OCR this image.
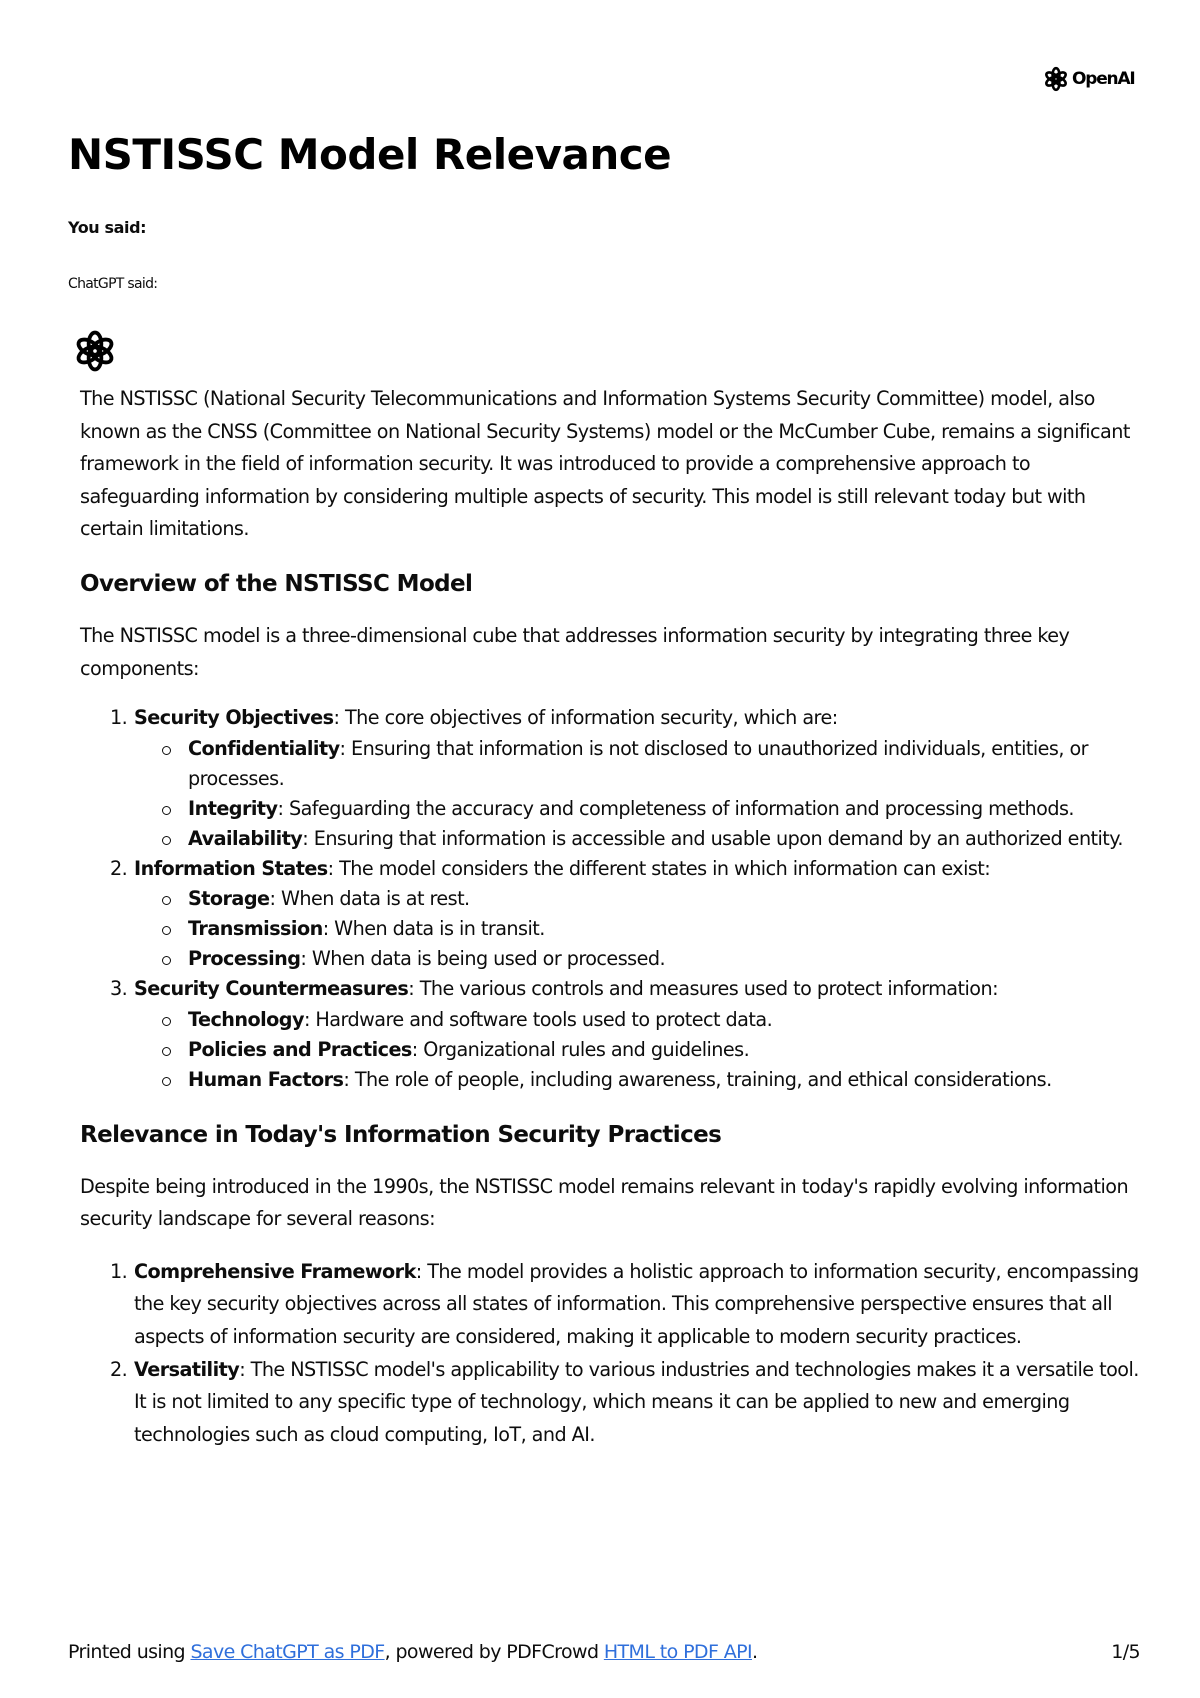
OpenAI
NSTISSC Model Relevance
You said:
ChatGPT said:

The NSTISSC (National Security Telecommunications and Information Systems Security Committee) model, also known as the CNSS (Committee on National Security Systems) model or the McCumber Cube, remains a significant framework in the field of information security. It was introduced to provide a comprehensive approach to safeguarding information by considering multiple aspects of security. This model is still relevant today but with certain limitations.

Overview of the NSTISSC Model

The NSTISSC model is a three-dimensional cube that addresses information security by integrating three key components:

1. Security Objectives: The core objectives of information security, which are:
Confidentiality: Ensuring that information is not disclosed to unauthorized individuals, entities, or processes.
Integrity: Safeguarding the accuracy and completeness of information and processing methods.
Availability: Ensuring that information is accessible and usable upon demand by an authorized entity.
2. Information States: The model considers the different states in which information can exist:
Storage: When data is at rest.
Transmission: When data is in transit.
Processing: When data is being used or processed.
3. Security Countermeasures: The various controls and measures used to protect information:
Technology: Hardware and software tools used to protect data.
Policies and Practices: Organizational rules and guidelines.
Human Factors: The role of people, including awareness, training, and ethical considerations.
Relevance in Today's Information Security Practices

Despite being introduced in the 1990s, the NSTISSC model remains relevant in today's rapidly evolving information security landscape for several reasons:

1. Comprehensive Framework: The model provides a holistic approach to information security, encompassing the key security objectives across all states of information. This comprehensive perspective ensures that all aspects of information security are considered, making it applicable to modern security practices.
2. Versatility: The NSTISSC model's applicability to various industries and technologies makes it a versatile tool. It is not limited to any specific type of technology, which means it can be applied to new and emerging technologies such as cloud computing, IoT, and AI.
Printed using Save ChatGPT as PDF, powered by PDFCrowd HTML to PDF API.	1/5
